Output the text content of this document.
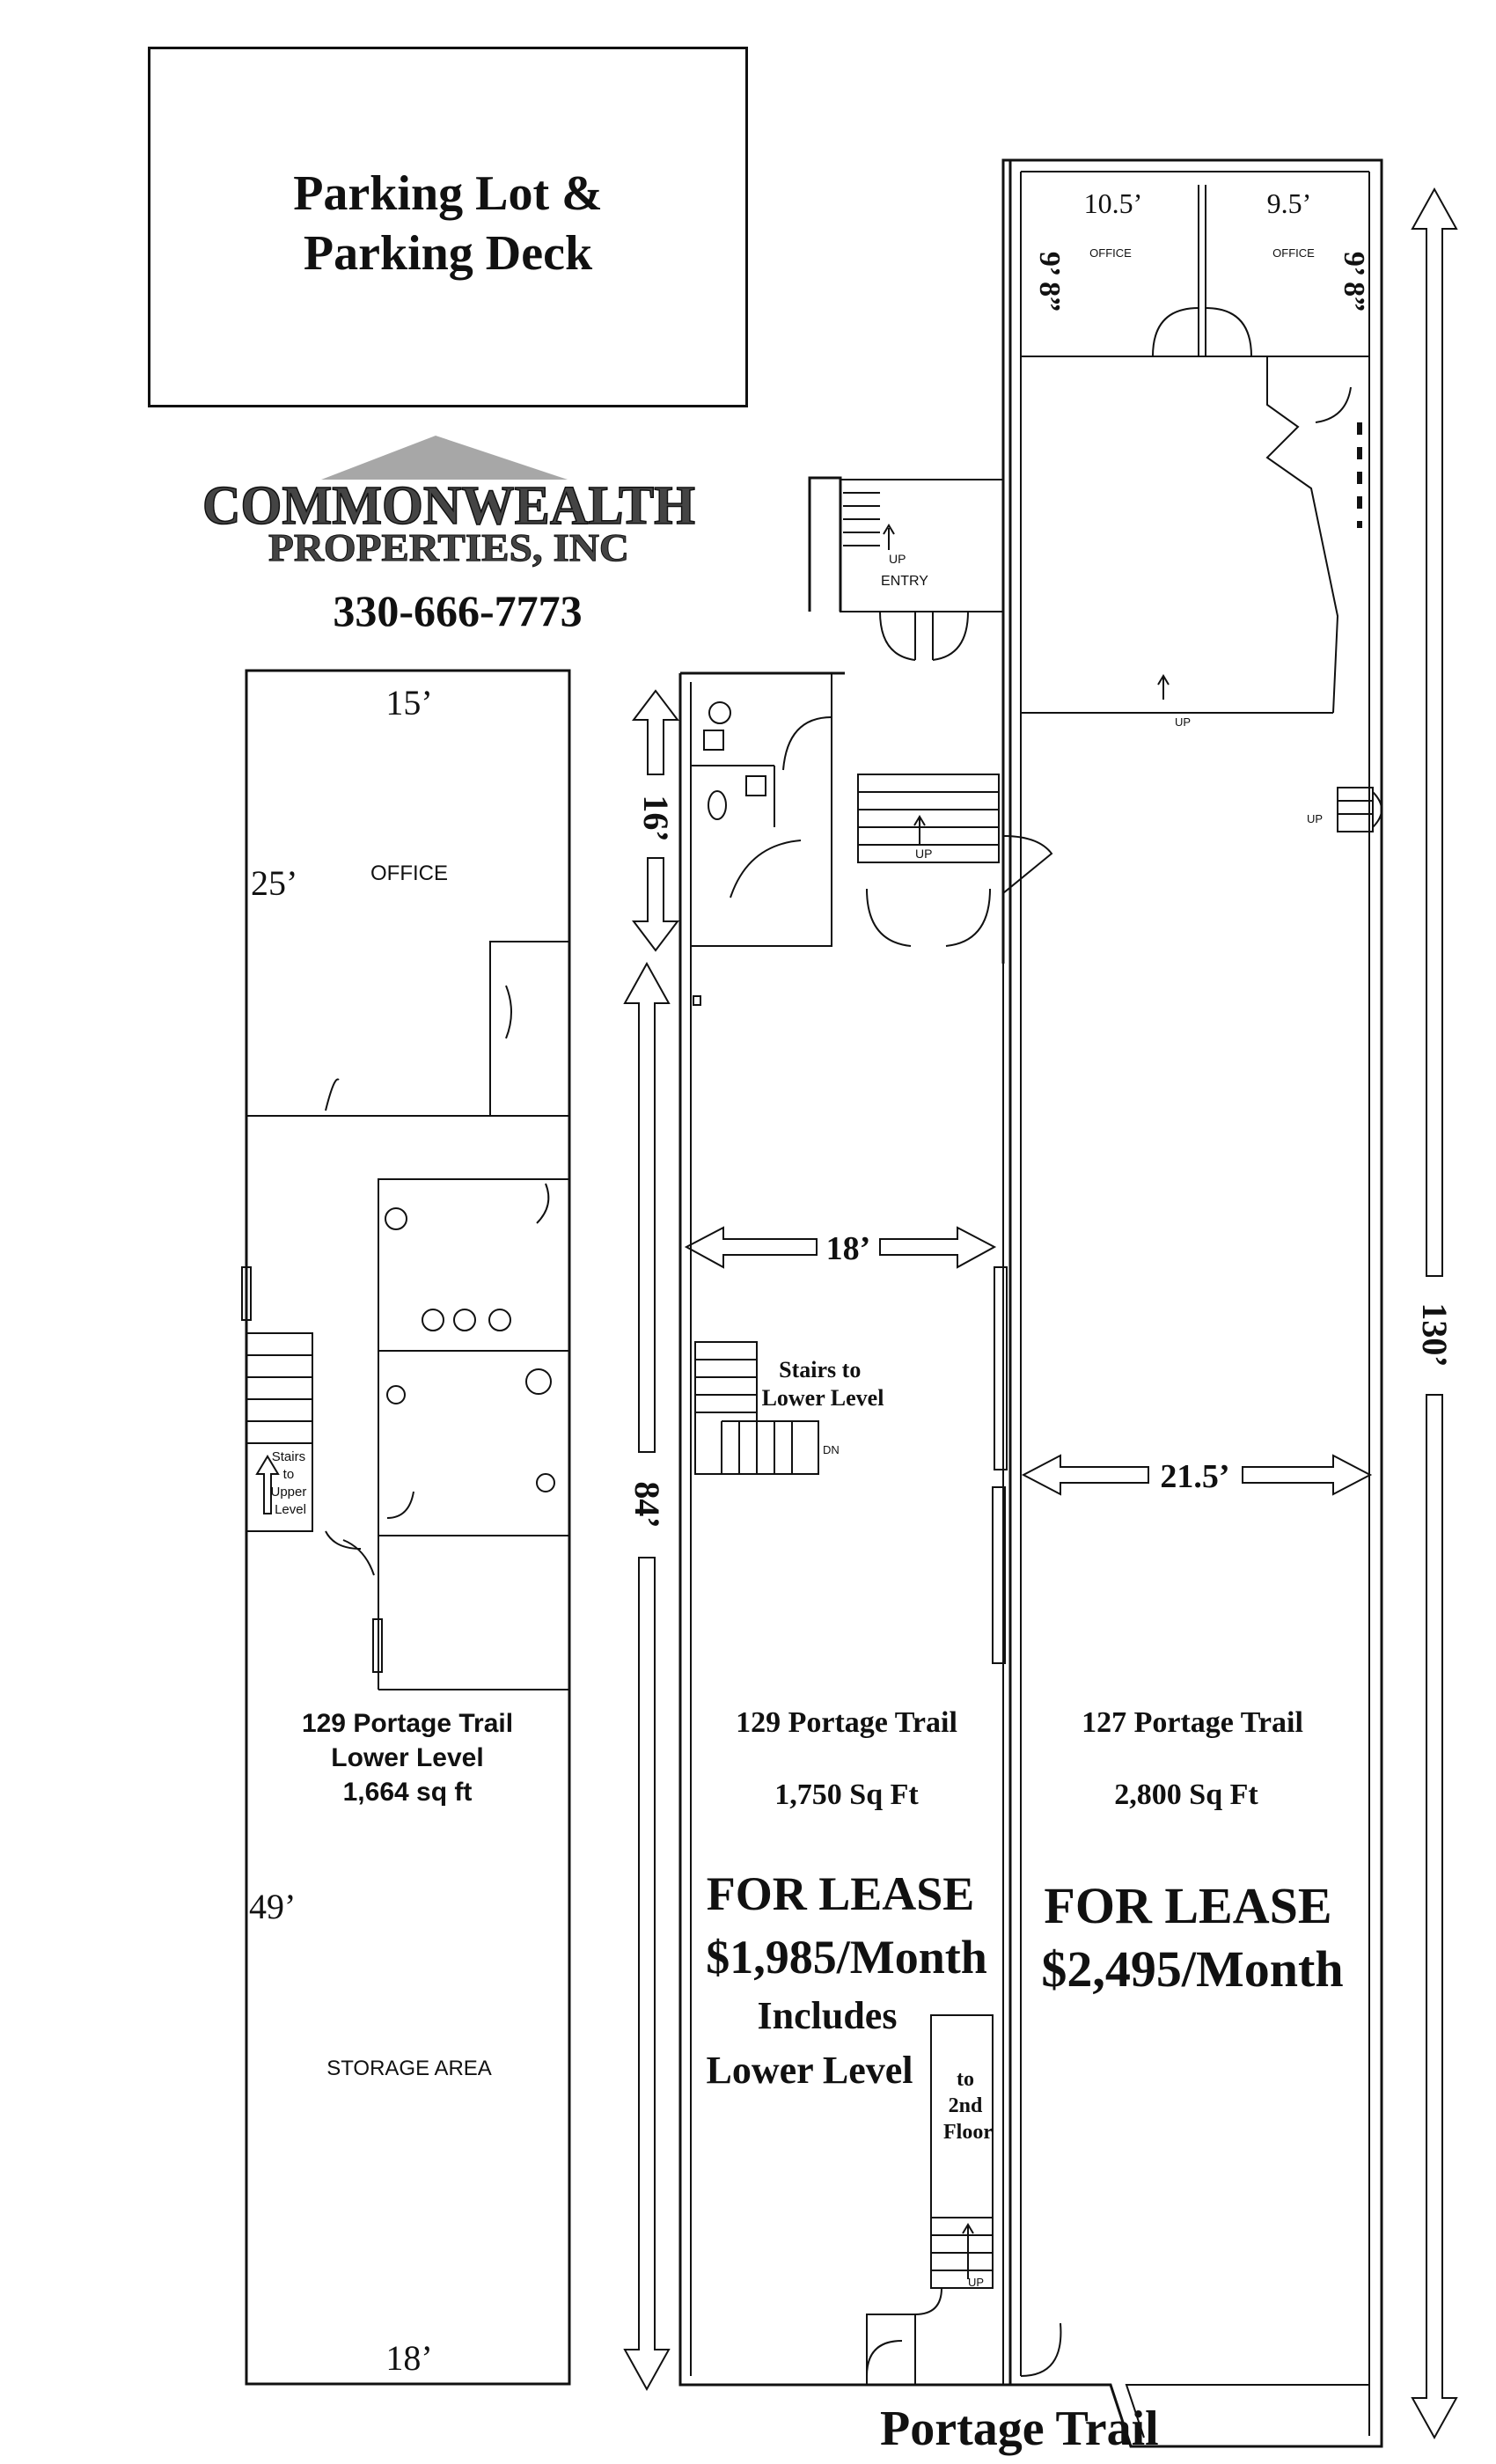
Parking Lot &
Parking Deck
COMMONWEALTH
PROPERTIES, INC
330-666-7773
Stairs to Upper Level
15’
25’	OFFICE
129 Portage Trail
Lower Level
1,664 sq ft
49’
STORAGE AREA
18’
UP
ENTRY
UP
DN
Stairs to Lower Level
UP
to 2nd Floor
UP
UP
10.5’	9.5’
OFFICE	OFFICE
9’ 8”	9’ 8”
16’
84’
130’
18’
21.5’
129 Portage Trail
1,750 Sq Ft
FOR LEASE
$1,985/Month
Includes
Lower Level
127 Portage Trail
2,800 Sq Ft
FOR LEASE
$2,495/Month
Portage Trail
